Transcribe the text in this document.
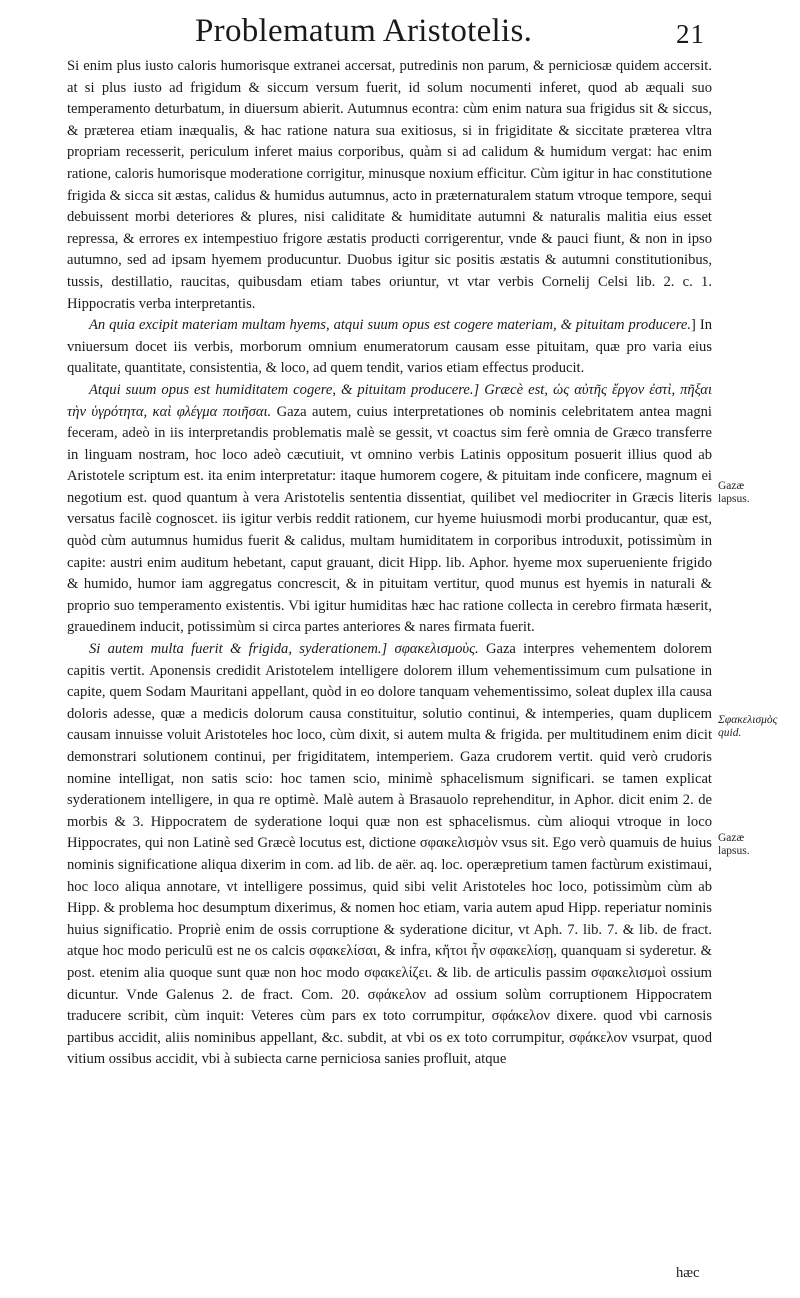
Problematum Aristotelis.	21

Si enim plus iusto caloris humorisque extranei accersat, putredinis non parum, & perniciosæ quidem accersit. at si plus iusto ad frigidum & siccum versum fuerit, id solum nocumenti inferet, quod ab æquali suo temperamento deturbatum, in diuersum abierit. Autumnus econtra: cùm enim natura sua frigidus sit & siccus, & præterea etiam inæqualis, & hac ratione natura sua exitiosus, si in frigiditate & siccitate præterea vltra propriam recesserit, periculum inferet maius corporibus, quàm si ad calidum & humidum vergat: hac enim ratione, caloris humorisque moderatione corrigitur, minusque noxium efficitur. Cùm igitur in hac constitutione frigida & sicca sit æstas, calidus & humidus autumnus, acto in præternaturalem statum vtroque tempore, sequi debuissent morbi deteriores & plures, nisi caliditate & humiditate autumni & naturalis malitia eius esset repressa, & errores ex intempestiuo frigore æstatis producti corrigerentur, vnde & pauci fiunt, & non in ipso autumno, sed ad ipsam hyemem producuntur. Duobus igitur sic positis æstatis & autumni constitutionibus, tussis, destillatio, raucitas, quibusdam etiam tabes oriuntur, vt vtar verbis Cornelij Celsi lib. 2. c. 1. Hippocratis verba interpretantis.

An quia excipit materiam multam hyems, atqui suum opus est cogere materiam, & pituitam producere.] In vniuersum docet iis verbis, morborum omnium enumeratorum causam esse pituitam, quæ pro varia eius qualitate, quantitate, consistentia, & loco, ad quem tendit, varios etiam effectus producit.

Atqui suum opus est humiditatem cogere, & pituitam producere.] Græcè est, ὡς αὐτῆς ἔργον ἐστὶ, πῆξαι τὴν ὑγρότητα, καὶ φλέγμα ποιῆσαι. Gaza autem, cuius interpretationes ob nominis celebritatem antea magni feceram, adeò in iis interpretandis problematis malè se gessit, vt coactus sim ferè omnia de Græco transferre in linguam nostram, hoc loco adeò cæcutiuit, vt omnino verbis Latinis oppositum posuerit illius quod ab Aristotele scriptum est. ita enim interpretatur: itaque humorem cogere, & pituitam inde conficere, magnum ei negotium est. quod quantum à vera Aristotelis sententia dissentiat, quilibet vel mediocriter in Græcis literis versatus facilè cognoscet. iis igitur verbis reddit rationem, cur hyeme huiusmodi morbi producantur, quæ est, quòd cùm autumnus humidus fuerit & calidus, multam humiditatem in corporibus introduxit, potissimùm in capite: austri enim auditum hebetant, caput grauant, dicit Hipp. lib. Aphor. hyeme mox superueniente frigido & humido, humor iam aggregatus concrescit, & in pituitam vertitur, quod munus est hyemis in naturali & proprio suo temperamento existentis. Vbi igitur humiditas hæc hac ratione collecta in cerebro firmata hæserit, grauedinem inducit, potissimùm si circa partes anteriores & nares firmata fuerit.

Si autem multa fuerit & frigida, syderationem.] σφακελισμοὺς. Gaza interpres vehementem dolorem capitis vertit. Aponensis credidit Aristotelem intelligere dolorem illum vehementissimum cum pulsatione in capite, quem Sodam Mauritani appellant, quòd in eo dolore tanquam vehementissimo, soleat duplex illa causa doloris adesse, quæ a medicis dolorum causa constituitur, solutio continui, & intemperies, quam duplicem causam innuisse voluit Aristoteles hoc loco, cùm dixit, si autem multa & frigida. per multitudinem enim dicit demonstrari solutionem continui, per frigiditatem, intemperiem. Gaza crudorem vertit. quid verò crudoris nomine intelligat, non satis scio: hoc tamen scio, minimè sphacelismum significari. se tamen explicat syderationem intelligere, in qua re optimè. Malè autem à Brasauolo reprehenditur, in Aphor. dicit enim 2. de morbis & 3. Hippocratem de syderatione loqui quæ non est sphacelismus. cùm alioqui vtroque in loco Hippocrates, qui non Latinè sed Græcè locutus est, dictione σφακελισμὸν vsus sit. Ego verò quamuis de huius nominis significatione aliqua dixerim in com. ad lib. de aër. aq. loc. operæpretium tamen factùrum existimaui, hoc loco aliqua annotare, vt intelligere possimus, quid sibi velit Aristoteles hoc loco, potissimùm cùm ab Hipp. & problema hoc desumptum dixerimus, & nomen hoc etiam, varia autem apud Hipp. reperiatur nominis huius significatio. Propriè enim de ossis corruptione & syderatione dicitur, vt Aph. 7. lib. 7. & lib. de fract. atque hoc modo periculū est ne os calcis σφακελίσαι, & infra, κἤτοι ἦν σφακελίσῃ, quanquam si syderetur. & post. etenim alia quoque sunt quæ non hoc modo σφακελίζει. & lib. de articulis passim σφακελισμοὶ ossium dicuntur. Vnde Galenus 2. de fract. Com. 20. σφάκελον ad ossium solùm corruptionem Hippocratem traducere scribit, cùm inquit: Veteres cùm pars ex toto corrumpitur, σφάκελον dixere. quod vbi carnosis partibus accidit, aliis nominibus appellant, &c. subdit, at vbi os ex toto corrumpitur, σφάκελον vsurpat, quod vitium ossibus accidit, vbi à subiecta carne perniciosa sanies profluit, atque

Gazæ lapsus.
Σφακελισμὸς quid.
Gazæ lapsus.
hæc
